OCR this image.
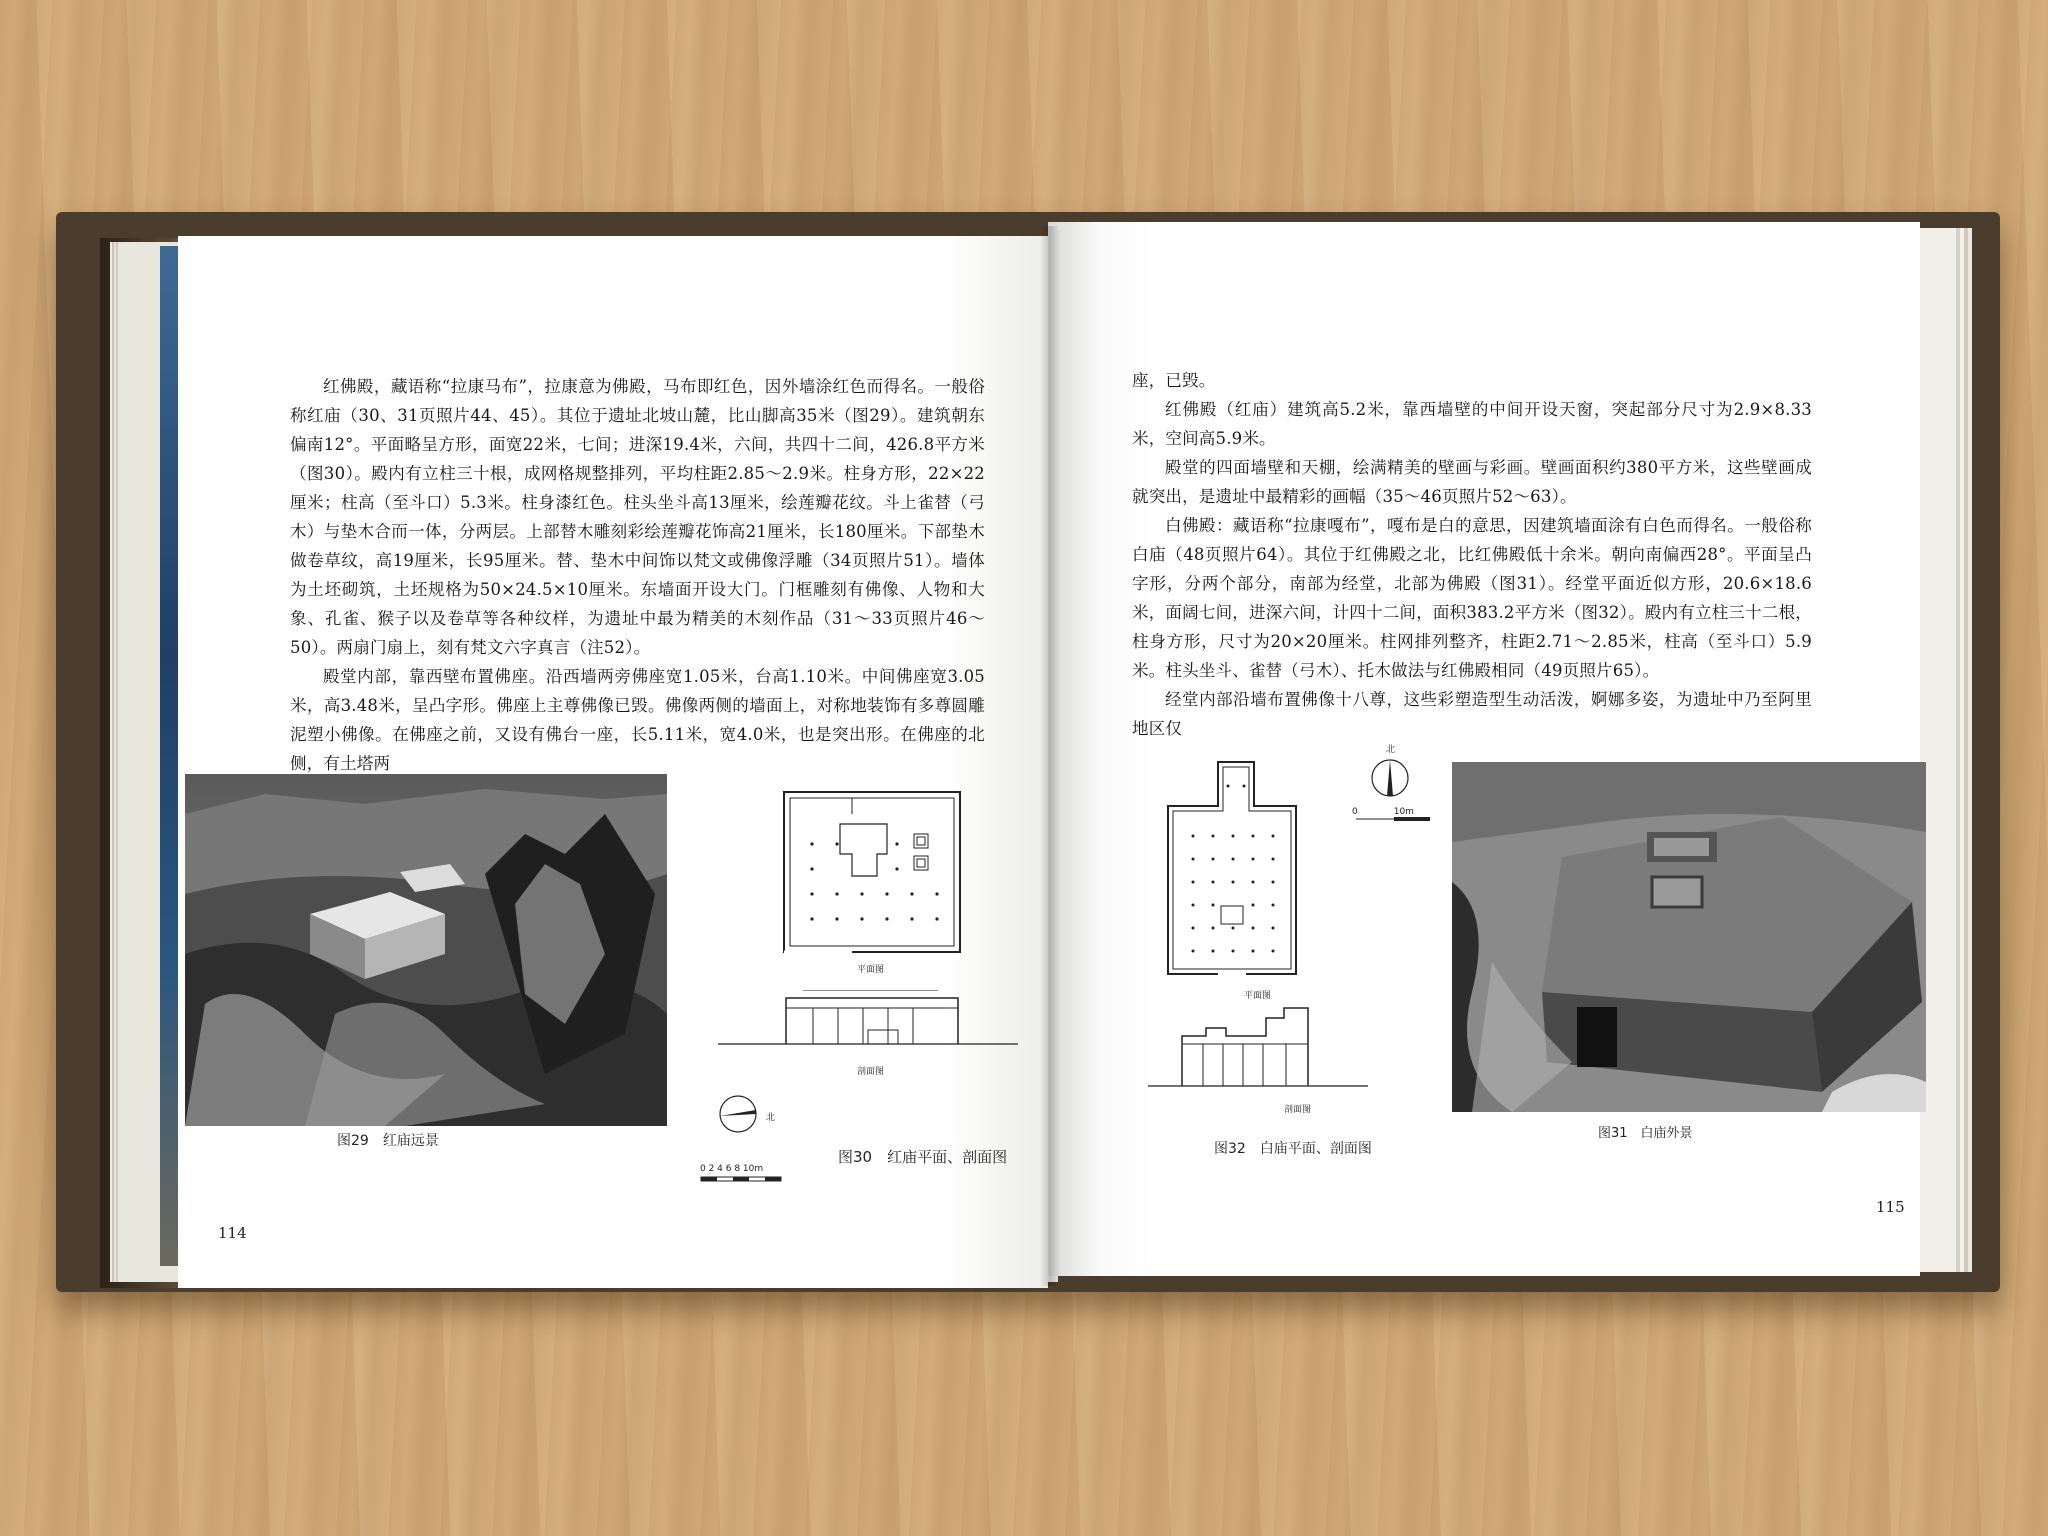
红佛殿，藏语称“拉康马布”，拉康意为佛殿，马布即红色，因外墙涂红色而得名。一般俗称红庙（30、31页照片44、45）。其位于遗址北坡山麓，比山脚高35米（图29）。建筑朝东偏南12°。平面略呈方形，面宽22米，七间；进深19.4米，六间，共四十二间，426.8平方米（图30）。殿内有立柱三十根，成网格规整排列，平均柱距2.85～2.9米。柱身方形，22×22厘米；柱高（至斗口）5.3米。柱身漆红色。柱头坐斗高13厘米，绘莲瓣花纹。斗上雀替（弓木）与垫木合而一体，分两层。上部替木雕刻彩绘莲瓣花饰高21厘米，长180厘米。下部垫木做卷草纹，高19厘米，长95厘米。替、垫木中间饰以梵文或佛像浮雕（34页照片51）。墙体为土坯砌筑，土坯规格为50×24.5×10厘米。东墙面开设大门。门框雕刻有佛像、人物和大象、孔雀、猴子以及卷草等各种纹样，为遗址中最为精美的木刻作品（31～33页照片46～50）。两扇门扇上，刻有梵文六字真言（注52）。

殿堂内部，靠西壁布置佛座。沿西墙两旁佛座宽1.05米，台高1.10米。中间佛座宽3.05米，高3.48米，呈凸字形。佛座上主尊佛像已毁。佛像两侧的墙面上，对称地装饰有多尊圆雕泥塑小佛像。在佛座之前，又设有佛台一座，长5.11米，宽4.0米，也是突出形。在佛座的北侧，有土塔两

图29　红庙远景
平面图
剖面图
北
0 2 4 6 8 10m
图30　红庙平面、剖面图
114

座，已毁。

红佛殿（红庙）建筑高5.2米，靠西墙壁的中间开设天窗，突起部分尺寸为2.9×8.33米，空间高5.9米。

殿堂的四面墙壁和天棚，绘满精美的壁画与彩画。壁画面积约380平方米，这些壁画成就突出，是遗址中最精彩的画幅（35～46页照片52～63）。

白佛殿：藏语称“拉康嘎布”，嘎布是白的意思，因建筑墙面涂有白色而得名。一般俗称白庙（48页照片64）。其位于红佛殿之北，比红佛殿低十余米。朝向南偏西28°。平面呈凸字形，分两个部分，南部为经堂，北部为佛殿（图31）。经堂平面近似方形，20.6×18.6米，面阔七间，进深六间，计四十二间，面积383.2平方米（图32）。殿内有立柱三十二根，柱身方形，尺寸为20×20厘米。柱网排列整齐，柱距2.71～2.85米，柱高（至斗口）5.9米。柱头坐斗、雀替（弓木）、托木做法与红佛殿相同（49页照片65）。

经堂内部沿墙布置佛像十八尊，这些彩塑造型生动活泼，婀娜多姿，为遗址中乃至阿里地区仅

平面图
剖面图
图32　白庙平面、剖面图
北
0　　　　10m
图31　白庙外景
115
